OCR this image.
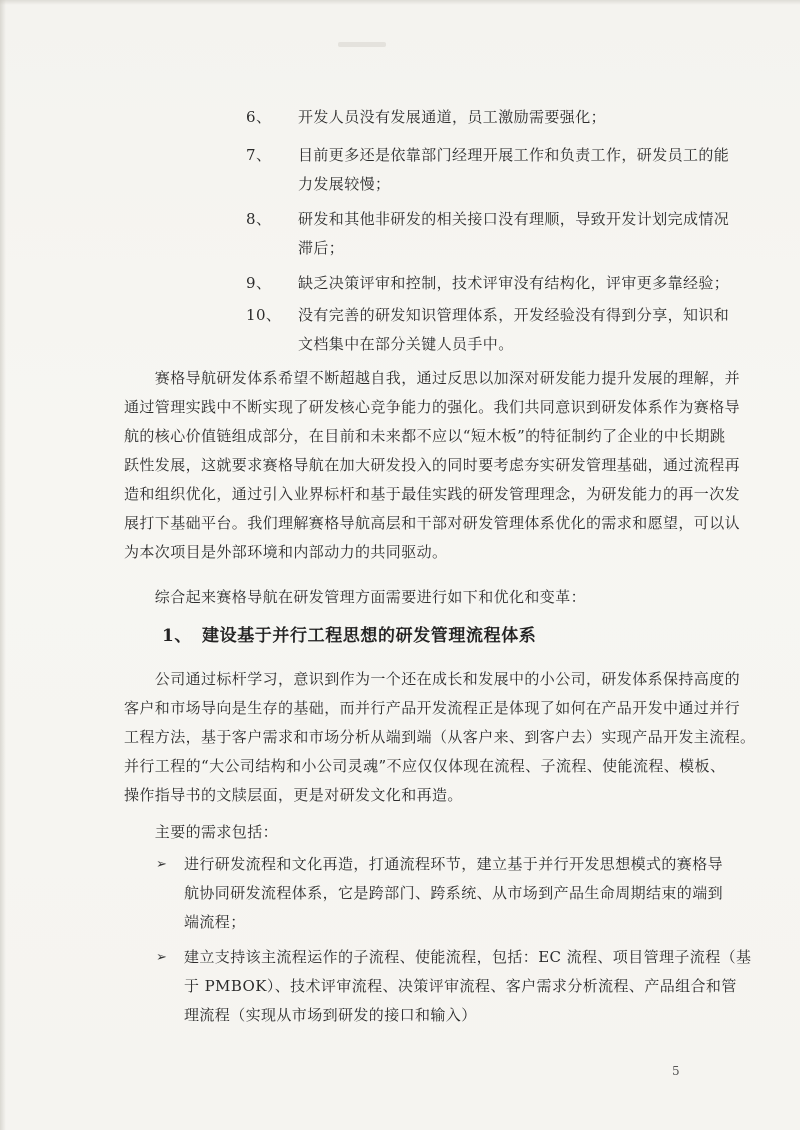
6、	开发人员没有发展通道，员工激励需要强化；
7、	目前更多还是依靠部门经理开展工作和负责工作，研发员工的能
力发展较慢；
8、	研发和其他非研发的相关接口没有理顺，导致开发计划完成情况
滞后；
9、	缺乏决策评审和控制，技术评审没有结构化，评审更多靠经验；
10、	没有完善的研发知识管理体系，开发经验没有得到分享，知识和
文档集中在部分关键人员手中。
　　赛格导航研发体系希望不断超越自我，通过反思以加深对研发能力提升发展的理解，并
通过管理实践中不断实现了研发核心竞争能力的强化。我们共同意识到研发体系作为赛格导
航的核心价值链组成部分，在目前和未来都不应以“短木板”的特征制约了企业的中长期跳
跃性发展，这就要求赛格导航在加大研发投入的同时要考虑夯实研发管理基础，通过流程再
造和组织优化，通过引入业界标杆和基于最佳实践的研发管理理念，为研发能力的再一次发
展打下基础平台。我们理解赛格导航高层和干部对研发管理体系优化的需求和愿望，可以认
为本次项目是外部环境和内部动力的共同驱动。
　　综合起来赛格导航在研发管理方面需要进行如下和优化和变革：
1、 建设基于并行工程思想的研发管理流程体系
　　公司通过标杆学习，意识到作为一个还在成长和发展中的小公司，研发体系保持高度的
客户和市场导向是生存的基础，而并行产品开发流程正是体现了如何在产品开发中通过并行
工程方法，基于客户需求和市场分析从端到端（从客户来、到客户去）实现产品开发主流程。
并行工程的“大公司结构和小公司灵魂”不应仅仅体现在流程、子流程、使能流程、模板、
操作指导书的文牍层面，更是对研发文化和再造。
　　主要的需求包括：
➢ 进行研发流程和文化再造，打通流程环节，建立基于并行开发思想模式的赛格导
航协同研发流程体系，它是跨部门、跨系统、从市场到产品生命周期结束的端到
端流程；
➢ 建立支持该主流程运作的子流程、使能流程，包括：EC 流程、项目管理子流程（基
于 PMBOK）、技术评审流程、决策评审流程、客户需求分析流程、产品组合和管
理流程（实现从市场到研发的接口和输入）
5
